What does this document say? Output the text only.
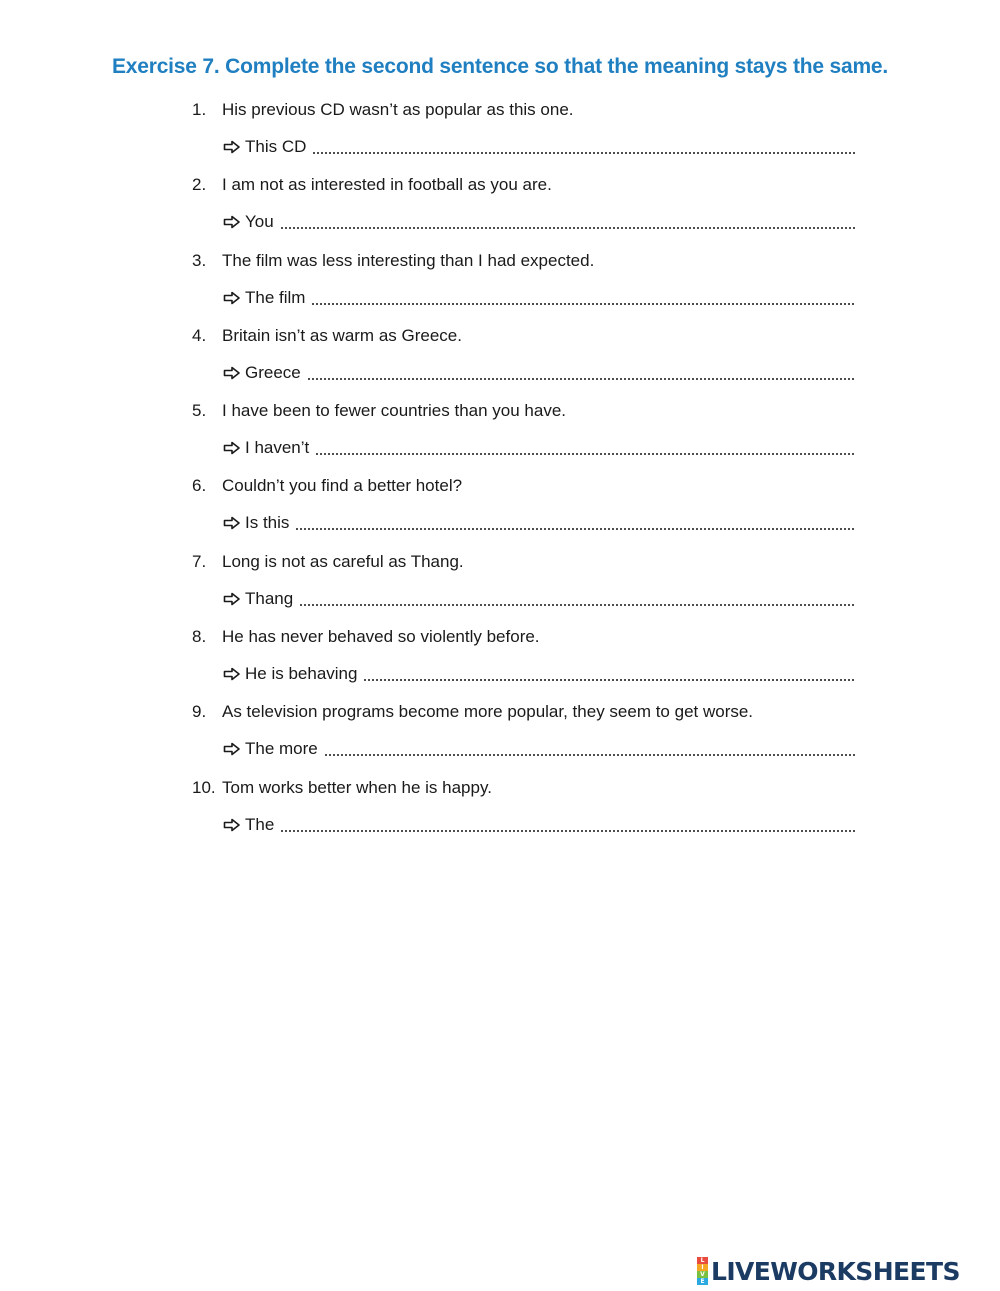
Exercise 7. Complete the second sentence so that the meaning stays the same.
1. His previous CD wasn’t as popular as this one.
This CD
2. I am not as interested in football as you are.
You
3. The film was less interesting than I had expected.
The film
4. Britain isn’t as warm as Greece.
Greece
5. I have been to fewer countries than you have.
I haven’t
6. Couldn’t you find a better hotel?
Is this
7. Long is not as careful as Thang.
Thang
8. He has never behaved so violently before.
He is behaving
9. As television programs become more popular, they seem to get worse.
The more
10. Tom works better when he is happy.
The
L
I
V
E LIVEWORKSHEETS
